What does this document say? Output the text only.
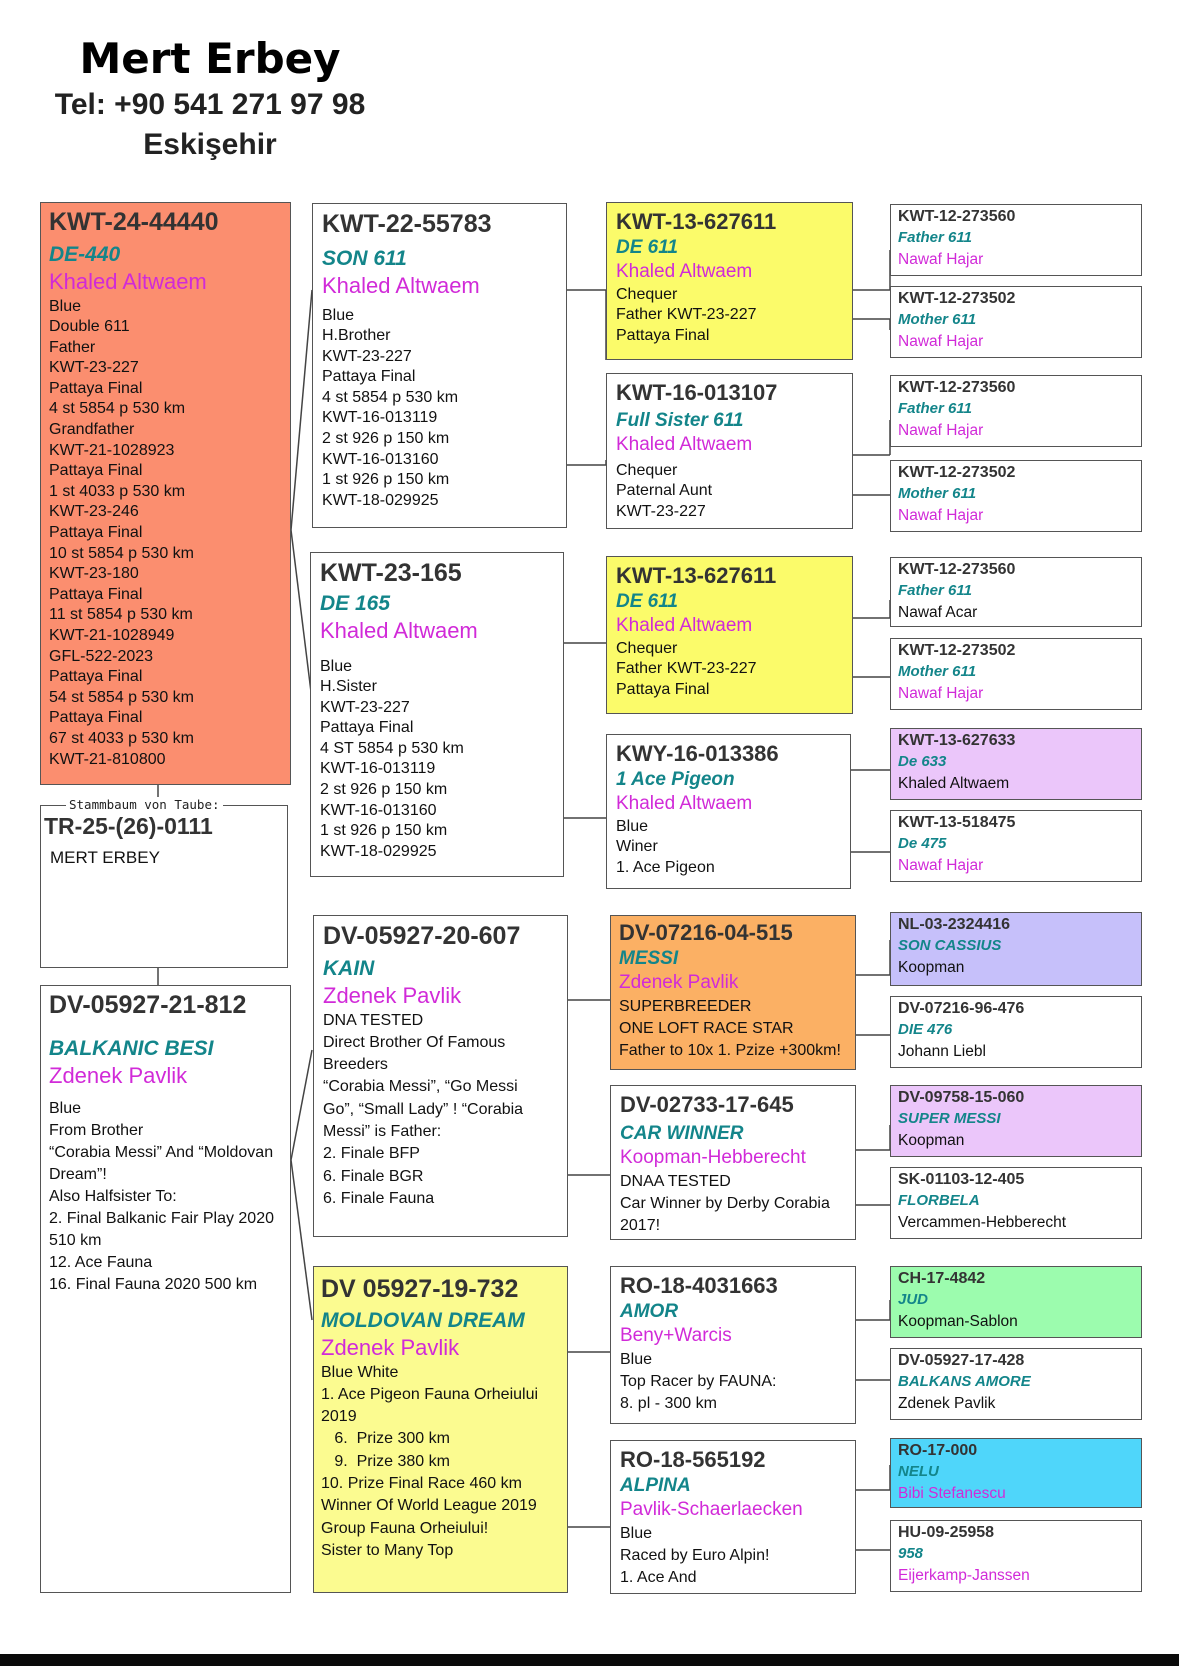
Mert Erbey
Tel: +90 541 271 97 98
Eskişehir
KWT-24-44440
DE-440
Khaled Altwaem
Blue
Double 611
Father
KWT-23-227
Pattaya Final
4 st 5854 p 530 km
Grandfather
KWT-21-1028923
Pattaya Final
1 st 4033 p 530 km
KWT-23-246
Pattaya Final
10 st 5854 p 530 km
KWT-23-180
Pattaya Final
11 st 5854 p 530 km
KWT-21-1028949
GFL-522-2023
Pattaya Final
54 st 5854 p 530 km
Pattaya Final
67 st 4033 p 530 km
KWT-21-810800
Stammbaum von Taube:
TR-25-(26)-0111
MERT ERBEY
DV-05927-21-812
BALKANIC BESI
Zdenek Pavlik
Blue
From Brother
“Corabia Messi” And “Moldovan
Dream”!
Also Halfsister To:
2. Final Balkanic Fair Play 2020
510 km
12. Ace Fauna
16. Final Fauna 2020 500 km
KWT-22-55783
SON 611
Khaled Altwaem
Blue
H.Brother
KWT-23-227
Pattaya Final
4 st 5854 p 530 km
KWT-16-013119
2 st 926 p 150 km
KWT-16-013160
1 st 926 p 150 km
KWT-18-029925
KWT-23-165
DE 165
Khaled Altwaem
Blue
H.Sister
KWT-23-227
Pattaya Final
4 ST 5854 p 530 km
KWT-16-013119
2 st 926 p 150 km
KWT-16-013160
1 st 926 p 150 km
KWT-18-029925
DV-05927-20-607
KAIN
Zdenek Pavlik
DNA TESTED
Direct Brother Of Famous
Breeders
“Corabia Messi”, “Go Messi
Go”, “Small Lady” ! “Corabia
Messi” is Father:
2. Finale BFP
6. Finale BGR
6. Finale Fauna
DV 05927-19-732
MOLDOVAN DREAM
Zdenek Pavlik
Blue White
1. Ace Pigeon Fauna Orheiului
2019
6.  Prize 300 km
9.  Prize 380 km
10. Prize Final Race 460 km
Winner Of World League 2019
Group Fauna Orheiului!
Sister to Many Top
KWT-13-627611
DE 611
Khaled Altwaem
Chequer
Father KWT-23-227
Pattaya Final
KWT-16-013107
Full Sister 611
Khaled Altwaem
Chequer
Paternal Aunt
KWT-23-227
KWT-13-627611
DE 611
Khaled Altwaem
Chequer
Father KWT-23-227
Pattaya Final
KWY-16-013386
1 Ace Pigeon
Khaled Altwaem
Blue
Winer
1. Ace Pigeon
DV-07216-04-515
MESSI
Zdenek Pavlik
SUPERBREEDER
ONE LOFT RACE STAR
Father to 10x 1. Pzize +300km!
DV-02733-17-645
CAR WINNER
Koopman-Hebberecht
DNAA TESTED
Car Winner by Derby Corabia
2017!
RO-18-4031663
AMOR
Beny+Warcis
Blue
Top Racer by FAUNA:
8. pl - 300 km
RO-18-565192
ALPINA
Pavlik-Schaerlaecken
Blue
Raced by Euro Alpin!
1. Ace And
KWT-12-273560
Father 611
Nawaf Hajar
KWT-12-273502
Mother 611
Nawaf Hajar
KWT-12-273560
Father 611
Nawaf Hajar
KWT-12-273502
Mother 611
Nawaf Hajar
KWT-12-273560
Father 611
Nawaf Acar
KWT-12-273502
Mother 611
Nawaf Hajar
KWT-13-627633
De 633
Khaled Altwaem
KWT-13-518475
De 475
Nawaf Hajar
NL-03-2324416
SON CASSIUS
Koopman
DV-07216-96-476
DIE 476
Johann Liebl
DV-09758-15-060
SUPER MESSI
Koopman
SK-01103-12-405
FLORBELA
Vercammen-Hebberecht
CH-17-4842
JUD
Koopman-Sablon
DV-05927-17-428
BALKANS AMORE
Zdenek Pavlik
RO-17-000
NELU
Bibi Stefanescu
HU-09-25958
958
Eijerkamp-Janssen
